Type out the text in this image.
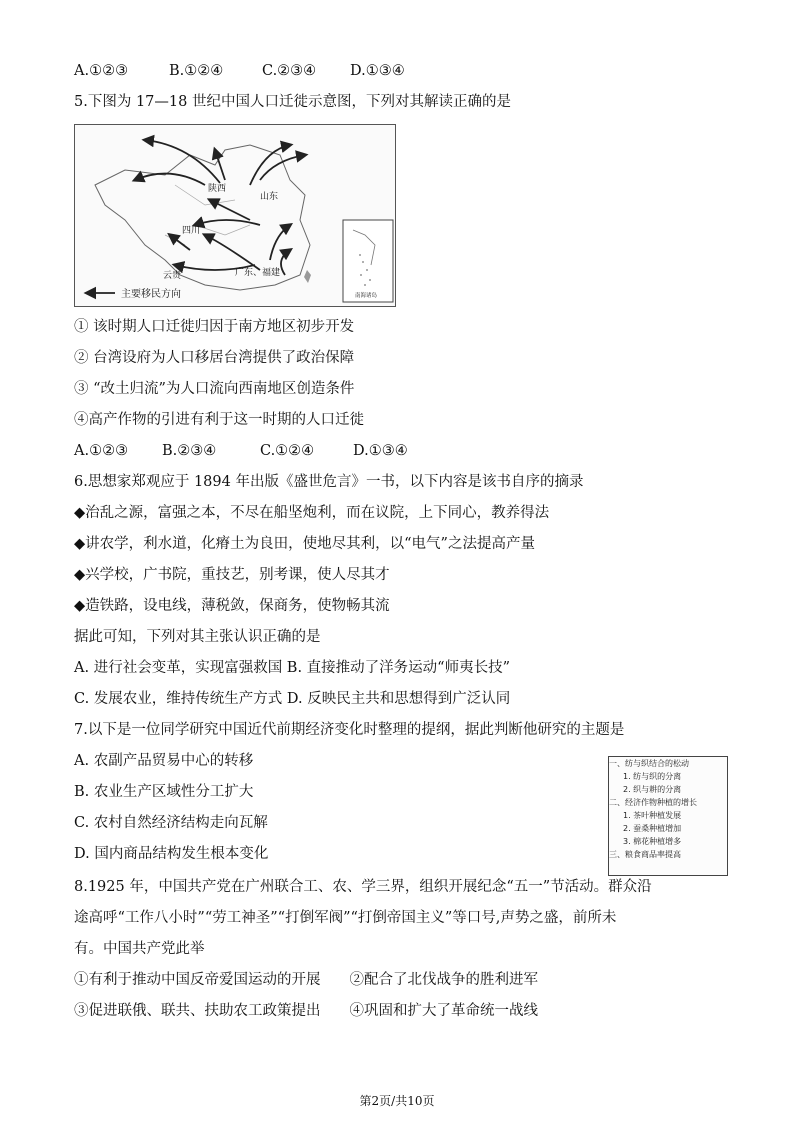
A.①②③	B.①②④	C.②③④ D.①③④

5.下图为 17—18 世纪中国人口迁徙示意图，下列对其解读正确的是

陕西
山东
四川
云贵	广东、福建
主要移民方向	南海诸岛

① 该时期人口迁徙归因于南方地区初步开发

② 台湾设府为人口移居台湾提供了政治保障

③ “改土归流”为人口流向西南地区创造条件

④高产作物的引进有利于这一时期的人口迁徙

A.①②③ B.②③④	C.①②④	D.①③④

6.思想家郑观应于 1894 年出版《盛世危言》一书，以下内容是该书自序的摘录

◆治乱之源，富强之本，不尽在船坚炮利，而在议院，上下同心，教养得法

◆讲农学，利水道，化瘠土为良田，使地尽其利，以“电气”之法提高产量

◆兴学校，广书院，重技艺，别考课，使人尽其才

◆造铁路，设电线，薄税敛，保商务，使物畅其流

据此可知，下列对其主张认识正确的是

A. 进行社会变革，实现富强救国 B. 直接推动了洋务运动“师夷长技”

C. 发展农业，维持传统生产方式 D. 反映民主共和思想得到广泛认同

7.以下是一位同学研究中国近代前期经济变化时整理的提纲，据此判断他研究的主题是

A. 农副产品贸易中心的转移

B. 农业生产区域性分工扩大

C. 农村自然经济结构走向瓦解

D. 国内商品结构发生根本变化

一、纺与织结合的松动

1. 纺与织的分离

2. 织与耕的分离

二、经济作物种植的增长

1. 茶叶种植发展

2. 蚕桑种植增加

3. 棉花种植增多

三、粮食商品率提高

8.1925 年，中国共产党在广州联合工、农、学三界，组织开展纪念“五一”节活动。群众沿

途高呼“工作八小时”“劳工神圣”“打倒军阀”“打倒帝国主义”等口号,声势之盛，前所未

有。中国共产党此举

①有利于推动中国反帝爱国运动的开展　　②配合了北伐战争的胜利进军

③促进联俄、联共、扶助农工政策提出　　④巩固和扩大了革命统一战线

第2页/共10页
